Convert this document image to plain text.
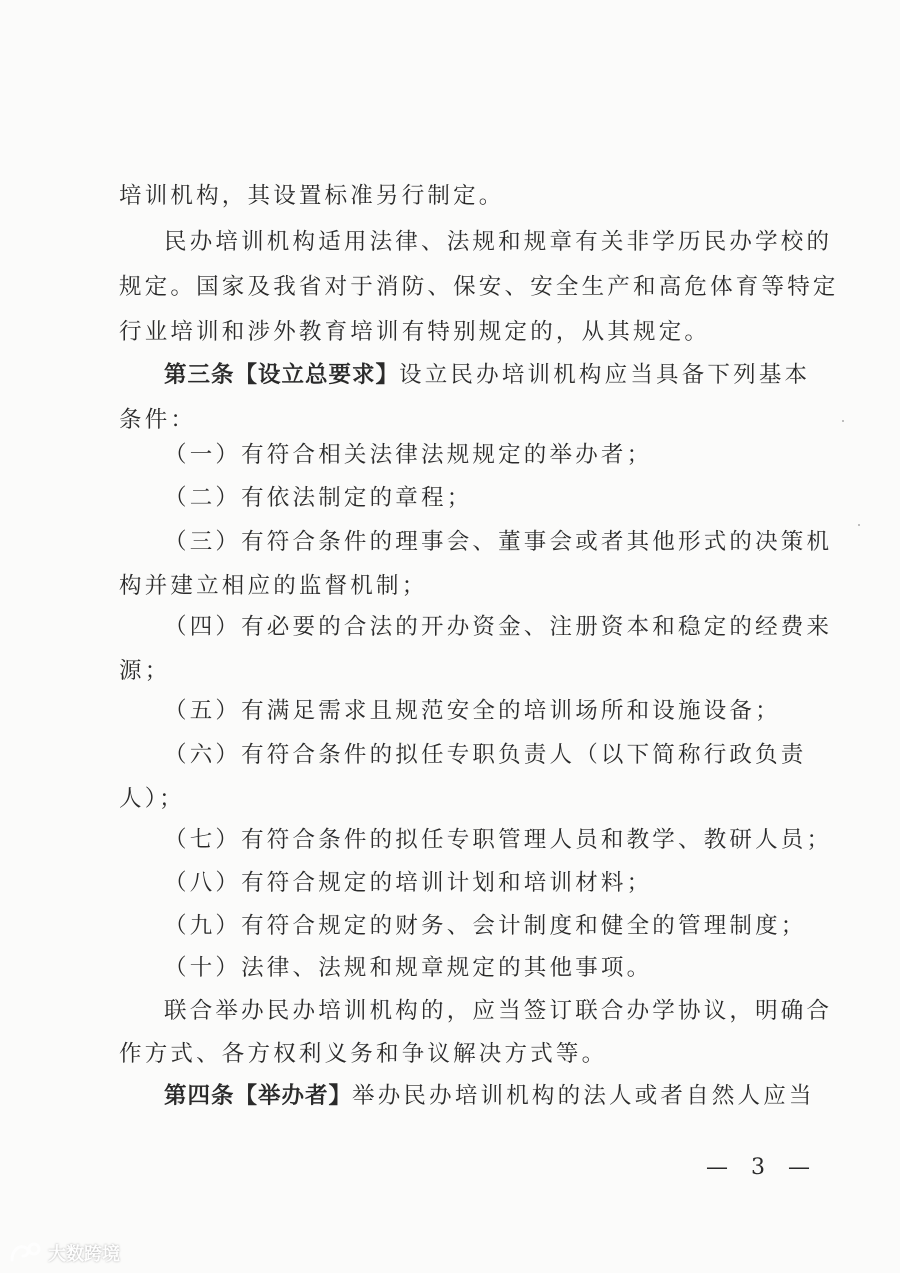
培训机构，其设置标准另行制定。
民办培训机构适用法律、法规和规章有关非学历民办学校的
规定。国家及我省对于消防、保安、安全生产和高危体育等特定
行业培训和涉外教育培训有特别规定的，从其规定。
第三条【设立总要求】设立民办培训机构应当具备下列基本
条件：
（一）有符合相关法律法规规定的举办者；
（二）有依法制定的章程；
（三）有符合条件的理事会、董事会或者其他形式的决策机
构并建立相应的监督机制；
（四）有必要的合法的开办资金、注册资本和稳定的经费来
源；
（五）有满足需求且规范安全的培训场所和设施设备；
（六）有符合条件的拟任专职负责人（以下简称行政负责
人）；
（七）有符合条件的拟任专职管理人员和教学、教研人员；
（八）有符合规定的培训计划和培训材料；
（九）有符合规定的财务、会计制度和健全的管理制度；
（十）法律、法规和规章规定的其他事项。
联合举办民办培训机构的，应当签订联合办学协议，明确合
作方式、各方权利义务和争议解决方式等。
第四条【举办者】举办民办培训机构的法人或者自然人应当
— 3 —
大数跨境
